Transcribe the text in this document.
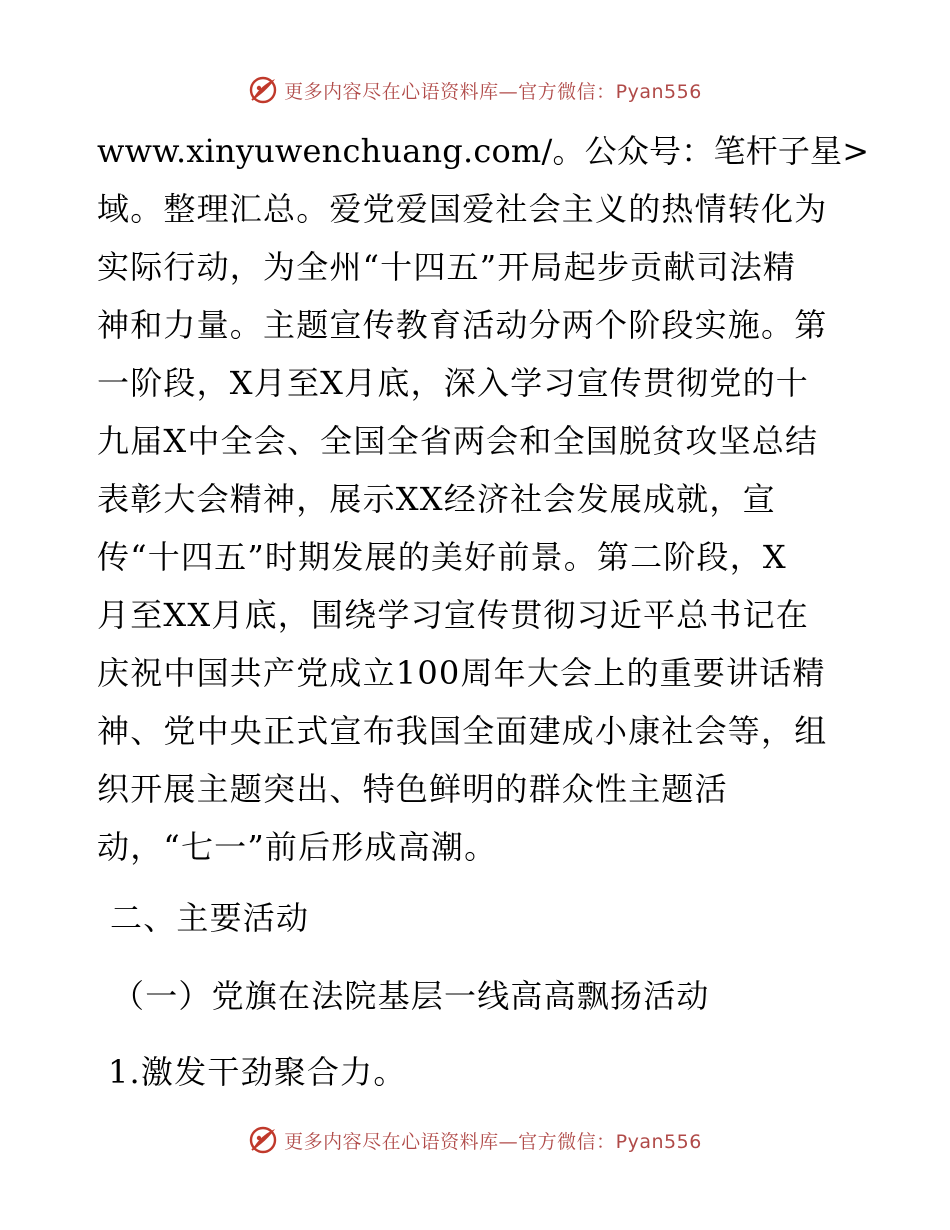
更多内容尽在心语资料库—官方微信：Pyan556
www.xinyuwenchuang.com/。公众号：笔杆子星>
域。整理汇总。爱党爱国爱社会主义的热情转化为
实际行动，为全州“十四五”开局起步贡献司法精
神和力量。主题宣传教育活动分两个阶段实施。第
一阶段，X月至X月底，深入学习宣传贯彻党的十
九届X中全会、全国全省两会和全国脱贫攻坚总结
表彰大会精神，展示XX经济社会发展成就，宣
传“十四五”时期发展的美好前景。第二阶段，X
月至XX月底，围绕学习宣传贯彻习近平总书记在
庆祝中国共产党成立100周年大会上的重要讲话精
神、党中央正式宣布我国全面建成小康社会等，组
织开展主题突出、特色鲜明的群众性主题活
动，“七一”前后形成高潮。
二、主要活动
（一）党旗在法院基层一线高高飘扬活动
1.激发干劲聚合力。
更多内容尽在心语资料库—官方微信：Pyan556
